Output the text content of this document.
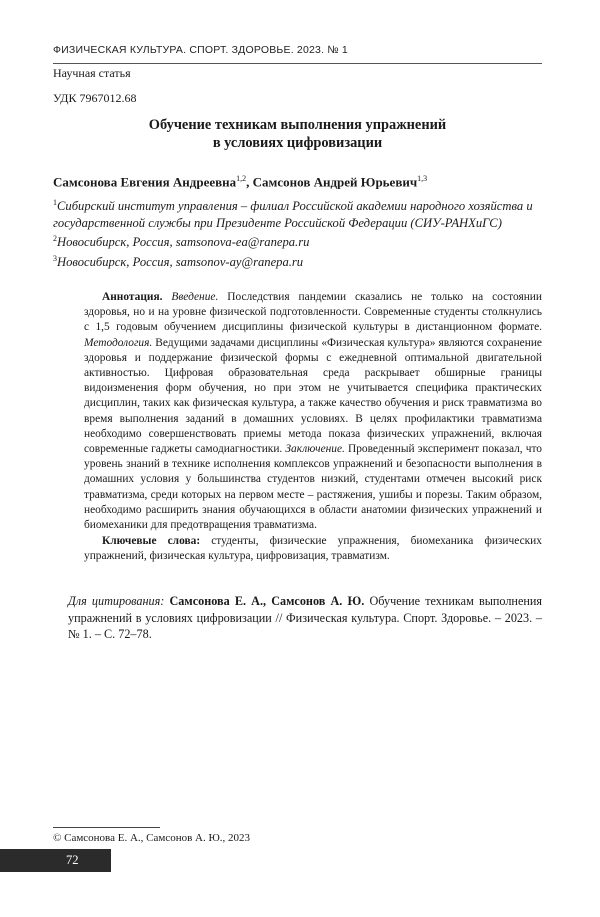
ФИЗИЧЕСКАЯ КУЛЬТУРА. СПОРТ. ЗДОРОВЬЕ. 2023. № 1
Научная статья
УДК 7967012.68
Обучение техникам выполнения упражнений
в условиях цифровизации
Самсонова Евгения Андреевна$^{1,2}$, Самсонов Андрей Юрьевич$^{1,3}$
$^1$Сибирский институт управления – филиал Российской академии народного хозяйства и государственной службы при Президенте Российской Федерации (СИУ-РАНХиГС)
$^2$Новосибирск, Россия, samsonova-ea@ranepa.ru
$^3$Новосибирск, Россия, samsonov-ay@ranepa.ru

Аннотация. Введение. Последствия пандемии сказались не только на состоянии здоровья, но и на уровне физической подготовленности. Современные студенты столкнулись с 1,5 годовым обучением дисциплины физической культуры в дистанционном формате. Методология. Ведущими задачами дисциплины «Физическая культура» являются сохранение здоровья и поддержание физической формы с ежедневной оптимальной двигательной активностью. Цифровая образовательная среда раскрывает обширные границы видоизменения форм обучения, но при этом не учитывается специфика практических дисциплин, таких как физическая культура, а также качество обучения и риск травматизма во время выполнения заданий в домашних условиях. В целях профилактики травматизма необходимо совершенствовать приемы метода показа физических упражнений, включая современные гаджеты самодиагностики. Заключение. Проведенный эксперимент показал, что уровень знаний в технике исполнения комплексов упражнений и безопасности выполнения в домашних условия у большинства студентов низкий, студентами отмечен высокий риск травматизма, среди которых на первом месте – растяжения, ушибы и порезы. Таким образом, необходимо расширить знания обучающихся в области анатомии физических упражнений и биомеханики для предотвращения травматизма.

Ключевые слова: студенты, физические упражнения, биомеханика физических упражнений, физическая культура, цифровизация, травматизм.

Для цитирования: Самсонова Е. А., Самсонов А. Ю. Обучение техникам выполнения упражнений в условиях цифровизации // Физическая культура. Спорт. Здоровье. – 2023. – № 1. – С. 72–78.
© Самсонова Е. А., Самсонов А. Ю., 2023
72
